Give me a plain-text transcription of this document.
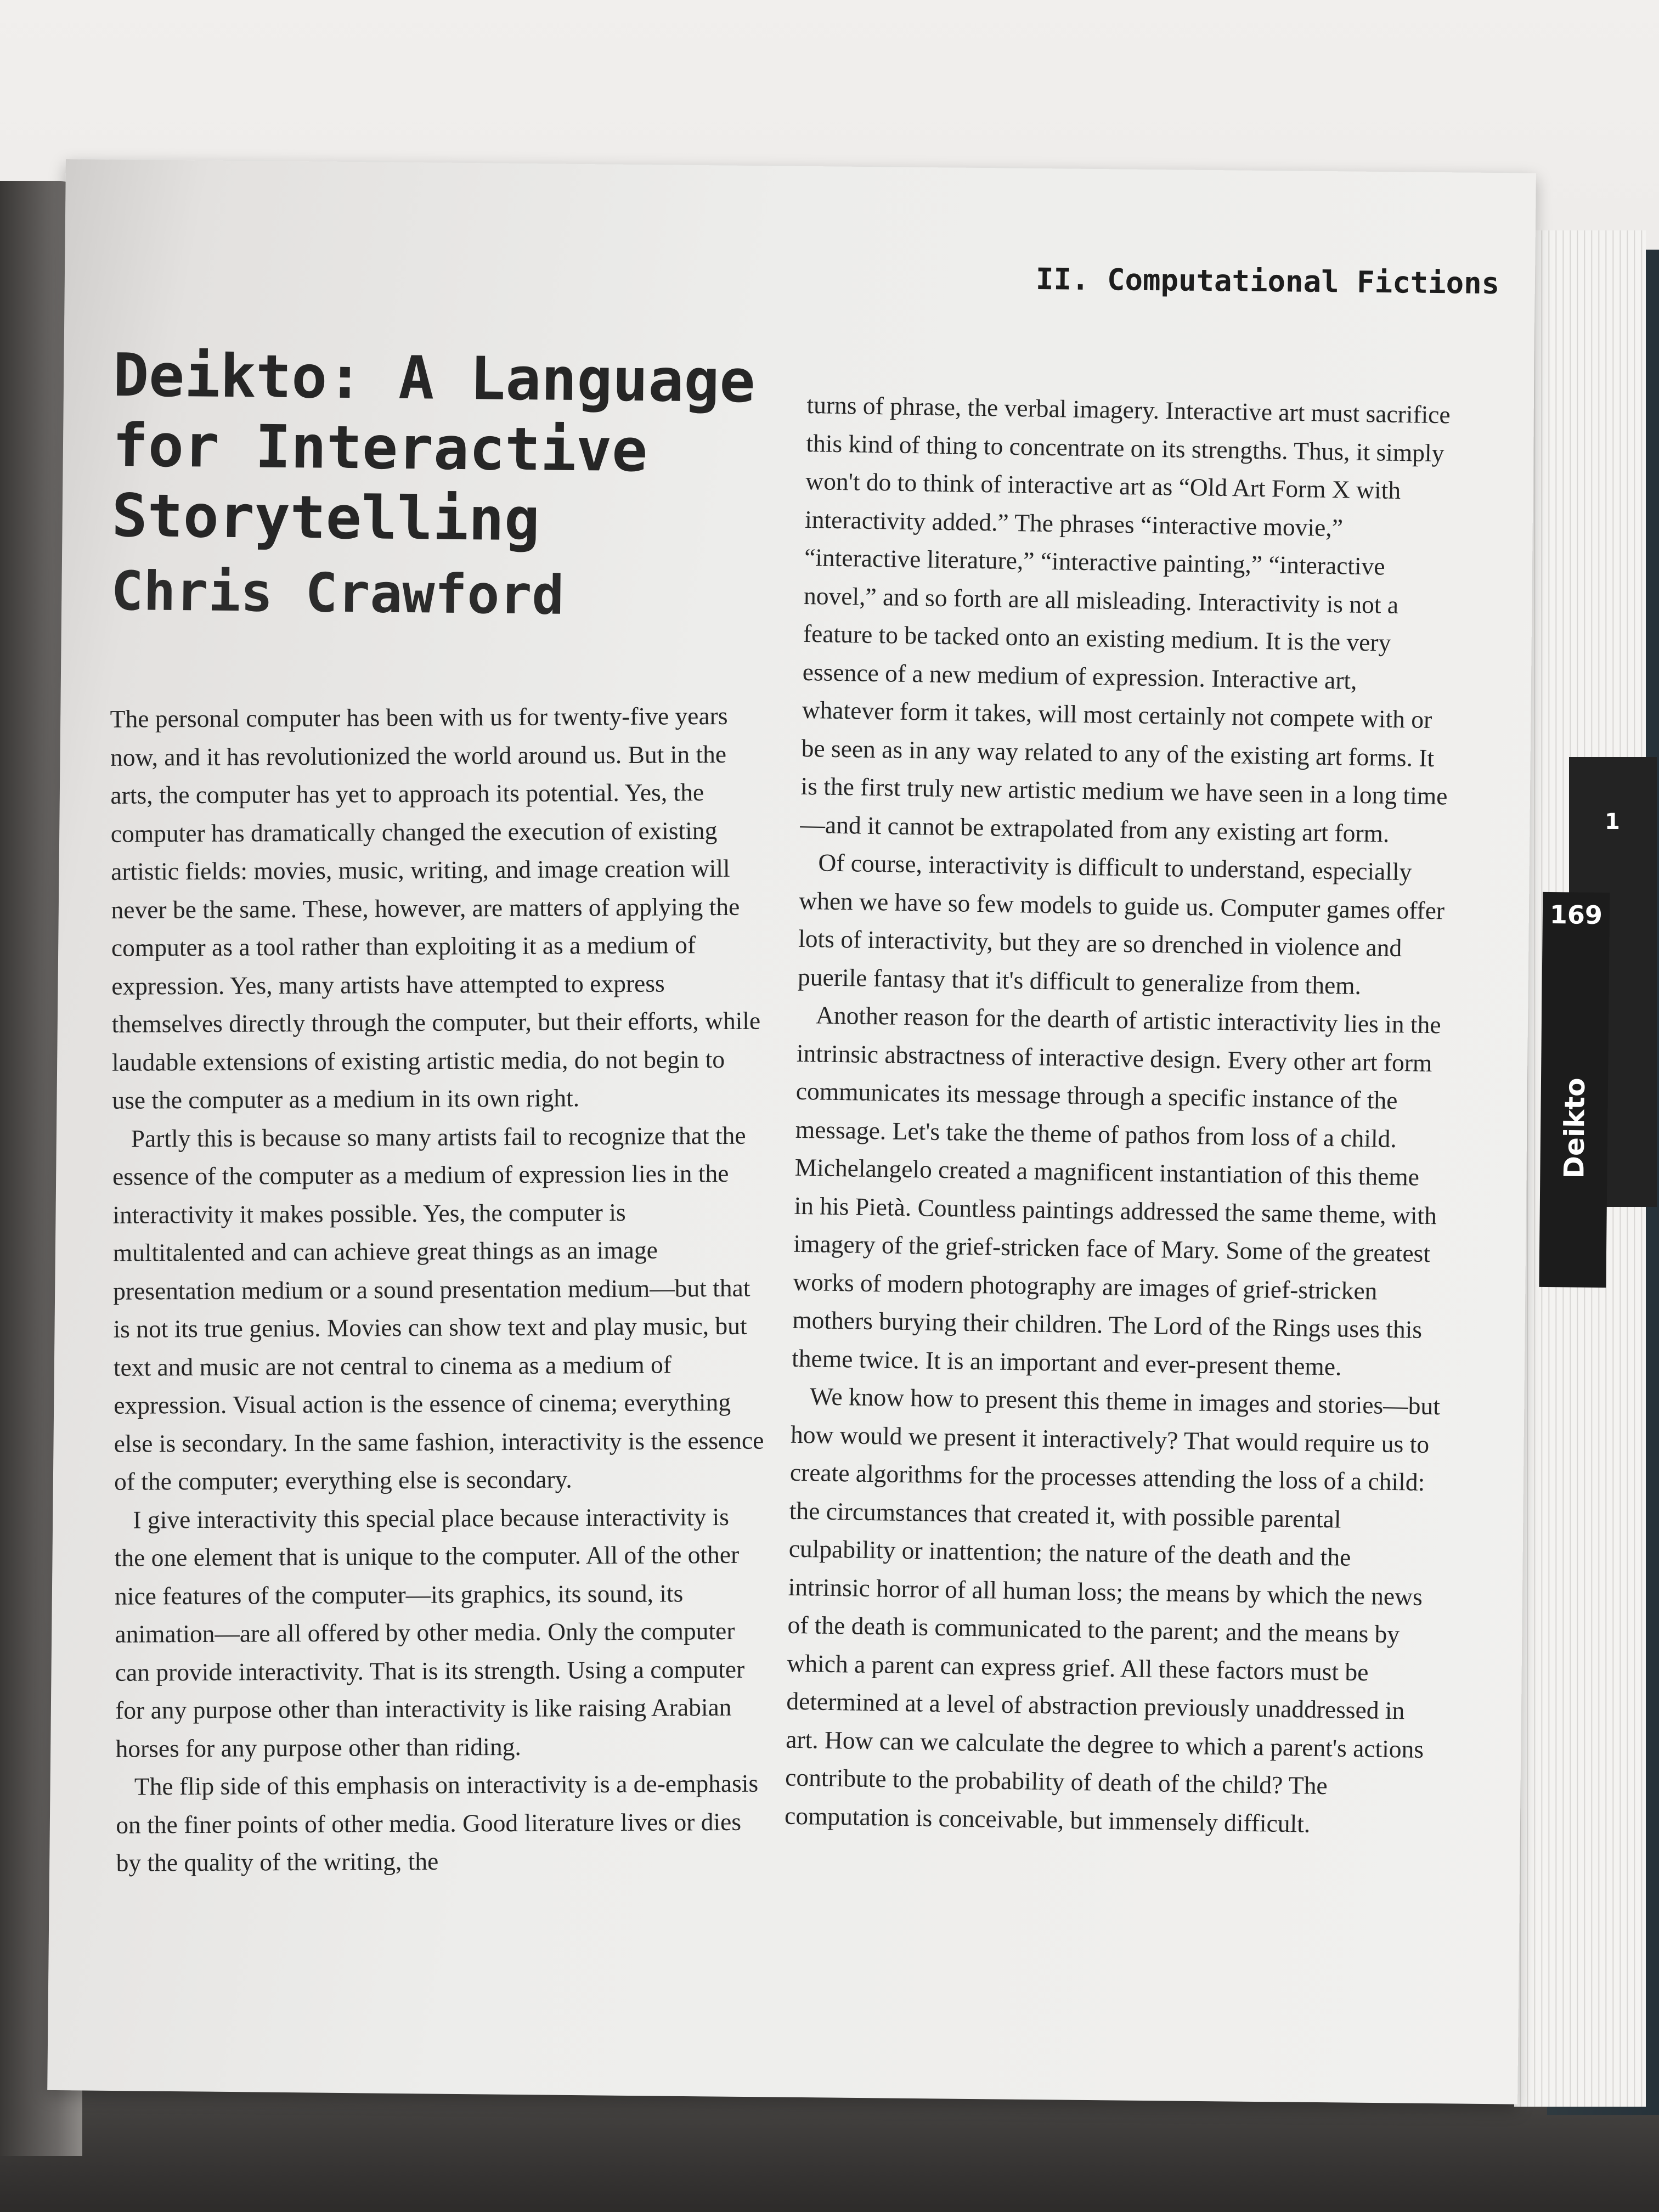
1
II. Computational Fictions
Deikto: A Language
for Interactive
Storytelling
Chris Crawford

The personal computer has been with us for twenty-five years now, and it has revolutionized the world around us. But in the arts, the computer has yet to approach its potential. Yes, the computer has dramatically changed the execution of existing artistic fields: movies, music, writing, and image creation will never be the same. These, however, are matters of applying the computer as a tool rather than exploiting it as a medium of expression. Yes, many artists have attempted to express themselves directly through the computer, but their efforts, while laudable extensions of existing artistic media, do not begin to use the computer as a medium in its own right.

Partly this is because so many artists fail to recognize that the essence of the computer as a medium of expression lies in the interactivity it makes possible. Yes, the computer is multitalented and can achieve great things as an image presentation medium or a sound presentation medium—but that is not its true genius. Movies can show text and play music, but text and music are not central to cinema as a medium of expression. Visual action is the essence of cinema; everything else is secondary. In the same fashion, interactivity is the essence of the computer; everything else is secondary.

I give interactivity this special place because interactivity is the one element that is unique to the computer. All of the other nice features of the computer—its graphics, its sound, its animation—are all offered by other media. Only the computer can provide interactivity. That is its strength. Using a computer for any purpose other than interactivity is like raising Arabian horses for any purpose other than riding.

The flip side of this emphasis on interactivity is a de-emphasis on the finer points of other media. Good literature lives or dies by the quality of the writing, the

turns of phrase, the verbal imagery. Interactive art must sacrifice this kind of thing to concentrate on its strengths. Thus, it simply won't do to think of interactive art as “Old Art Form X with interactivity added.” The phrases “interactive movie,” “interactive literature,” “interactive painting,” “interactive novel,” and so forth are all misleading. Interactivity is not a feature to be tacked onto an existing medium. It is the very essence of a new medium of expression. Interactive art, whatever form it takes, will most certainly not compete with or be seen as in any way related to any of the existing art forms. It is the first truly new artistic medium we have seen in a long time—and it cannot be extrapolated from any existing art form.

Of course, interactivity is difficult to understand, especially when we have so few models to guide us. Computer games offer lots of interactivity, but they are so drenched in violence and puerile fantasy that it's difficult to generalize from them.

Another reason for the dearth of artistic interactivity lies in the intrinsic abstractness of interactive design. Every other art form communicates its message through a specific instance of the message. Let's take the theme of pathos from loss of a child. Michelangelo created a magnificent instantiation of this theme in his Pietà. Countless paintings addressed the same theme, with imagery of the grief-stricken face of Mary. Some of the greatest works of modern photography are images of grief-stricken mothers burying their children. The Lord of the Rings uses this theme twice. It is an important and ever-present theme.

We know how to present this theme in images and stories—but how would we present it interactively? That would require us to create algorithms for the processes attending the loss of a child: the circumstances that created it, with possible parental culpability or inattention; the nature of the death and the intrinsic horror of all human loss; the means by which the news of the death is communicated to the parent; and the means by which a parent can express grief. All these factors must be determined at a level of abstraction previously unaddressed in art. How can we calculate the degree to which a parent's actions contribute to the probability of death of the child? The computation is conceivable, but immensely difficult.

169
Deikto
